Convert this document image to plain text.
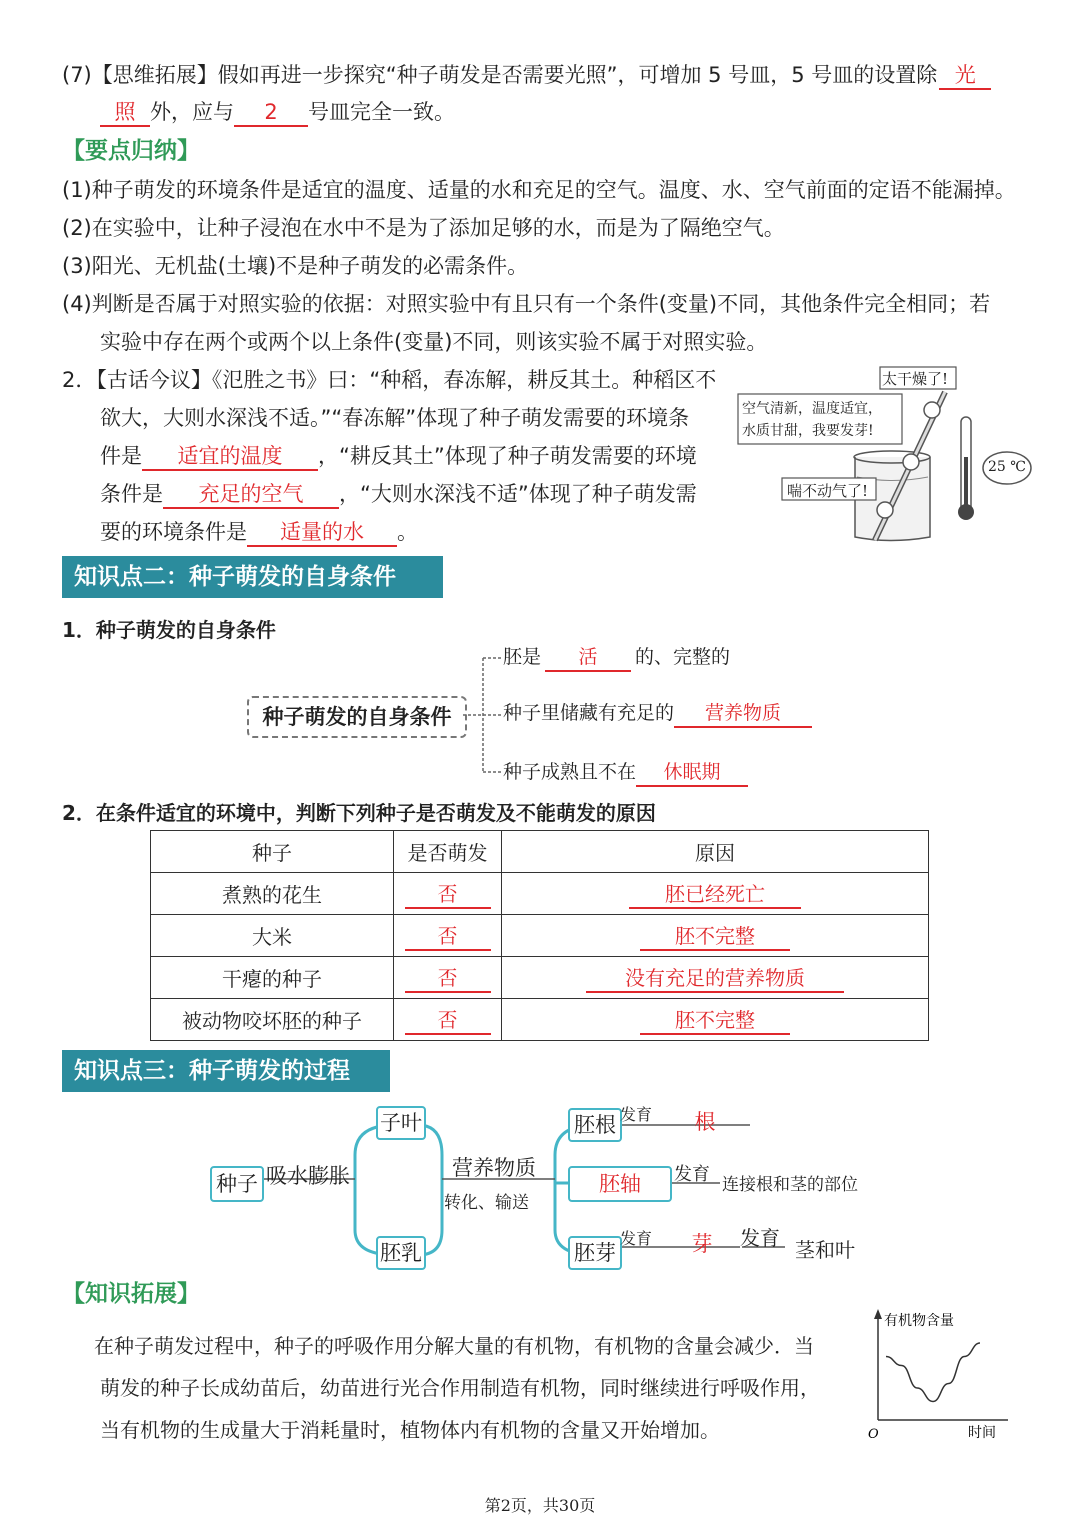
(7)【思维拓展】假如再进一步探究“种子萌发是否需要光照”，可增加 5 号皿，5 号皿的设置除 光
照 外，应与 2 号皿完全一致。
【要点归纳】
(1)种子萌发的环境条件是适宜的温度、适量的水和充足的空气。温度、水、空气前面的定语不能漏掉。
(2)在实验中，让种子浸泡在水中不是为了添加足够的水，而是为了隔绝空气。
(3)阳光、无机盐(土壤)不是种子萌发的必需条件。
(4)判断是否属于对照实验的依据：对照实验中有且只有一个条件(变量)不同，其他条件完全相同；若
实验中存在两个或两个以上条件(变量)不同，则该实验不属于对照实验。
2．【古话今议】《氾胜之书》曰：“种稻，春冻解，耕反其土。种稻区不
欲大，大则水深浅不适。”“春冻解”体现了种子萌发需要的环境条
件是 适宜的温度 ，“耕反其土”体现了种子萌发需要的环境
条件是 充足的空气 ，“大则水深浅不适”体现了种子萌发需
要的环境条件是 适量的水 。
太干燥了!
空气清新，温度适宜，
水质甘甜，我要发芽!
喘不动气了!
25 ℃
知识点二：种子萌发的自身条件
1．种子萌发的自身条件
种子萌发的自身条件
胚是 活 的、完整的
种子里储藏有充足的 营养物质
种子成熟且不在 休眠期
2．在条件适宜的环境中，判断下列种子是否萌发及不能萌发的原因
种子	是否萌发	原因
煮熟的花生	否	胚已经死亡
大米	否	胚不完整
干瘪的种子	否	没有充足的营养物质
被动物咬坏胚的种子	否	胚不完整
知识点三：种子萌发的过程
种子 吸水膨胀
子叶
胚乳
营养物质
转化、输送
胚根
胚轴
胚芽
发育	根
发育 连接根和茎的部位
发育	芽	发育 茎和叶
【知识拓展】
在种子萌发过程中，种子的呼吸作用分解大量的有机物，有机物的含量会减少．当
萌发的种子长成幼苗后，幼苗进行光合作用制造有机物，同时继续进行呼吸作用，
当有机物的生成量大于消耗量时，植物体内有机物的含量又开始增加。
有机物含量
时间
O
第2页，共30页
